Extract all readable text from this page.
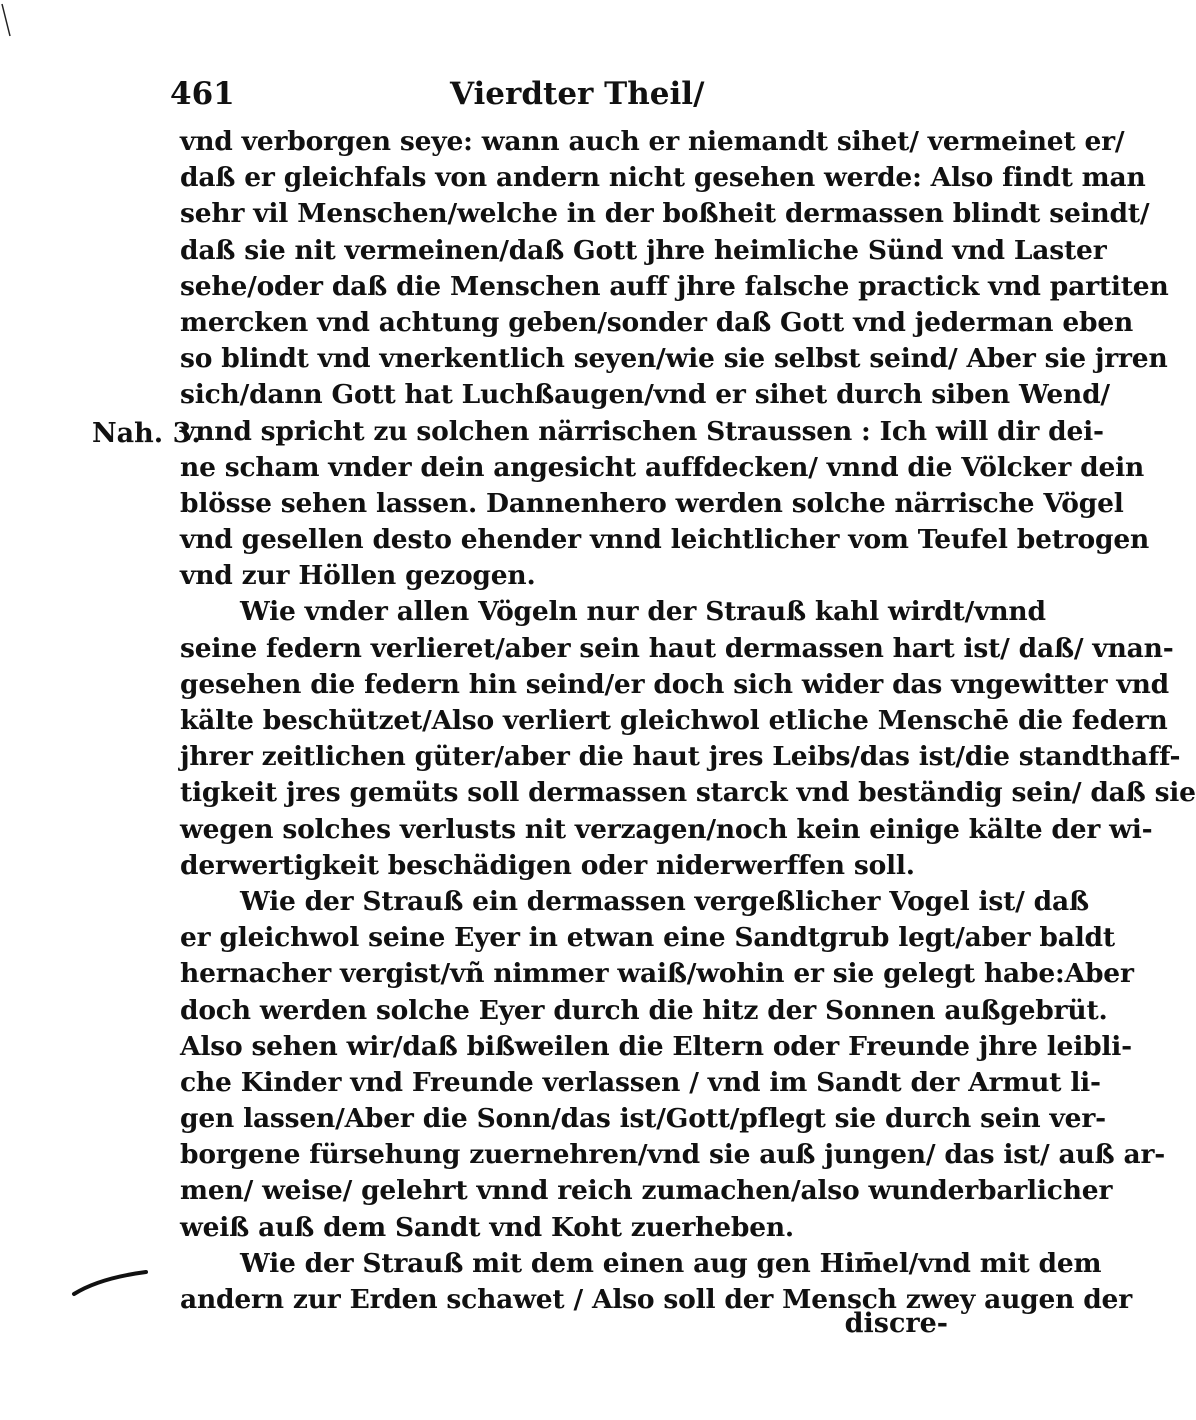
461	Vierdter Theil/
Nah. 3.
vnd verborgen seye: wann auch er niemandt sihet/ vermeinet er/
daß er gleichfals von andern nicht gesehen werde: Also findt man
sehr vil Menschen/welche in der boßheit dermassen blindt seindt/
daß sie nit vermeinen/daß Gott jhre heimliche Sünd vnd Laster
sehe/oder daß die Menschen auff jhre falsche practick vnd partiten
mercken vnd achtung geben/sonder daß Gott vnd jederman eben
so blindt vnd vnerkentlich seyen/wie sie selbst seind/ Aber sie jrren
sich/dann Gott hat Luchßaugen/vnd er sihet durch siben Wend/
vnnd spricht zu solchen närrischen Straussen : Ich will dir dei-
ne scham vnder dein angesicht auffdecken/ vnnd die Völcker dein
blösse sehen lassen. Dannenhero werden solche närrische Vögel
vnd gesellen desto ehender vnnd leichtlicher vom Teufel betrogen
vnd zur Höllen gezogen.
Wie vnder allen Vögeln nur der Strauß kahl wirdt/vnnd
seine federn verlieret/aber sein haut dermassen hart ist/ daß/ vnan-
gesehen die federn hin seind/er doch sich wider das vngewitter vnd
kälte beschützet/Also verliert gleichwol etliche Menschē die federn
jhrer zeitlichen güter/aber die haut jres Leibs/das ist/die standthaff-
tigkeit jres gemüts soll dermassen starck vnd beständig sein/ daß sie
wegen solches verlusts nit verzagen/noch kein einige kälte der wi-
derwertigkeit beschädigen oder niderwerffen soll.
Wie der Strauß ein dermassen vergeßlicher Vogel ist/ daß
er gleichwol seine Eyer in etwan eine Sandtgrub legt/aber baldt
hernacher vergist/vñ nimmer waiß/wohin er sie gelegt habe:Aber
doch werden solche Eyer durch die hitz der Sonnen außgebrüt.
Also sehen wir/daß bißweilen die Eltern oder Freunde jhre leibli-
che Kinder vnd Freunde verlassen / vnd im Sandt der Armut li-
gen lassen/Aber die Sonn/das ist/Gott/pflegt sie durch sein ver-
borgene fürsehung zuernehren/vnd sie auß jungen/ das ist/ auß ar-
men/ weise/ gelehrt vnnd reich zumachen/also wunderbarlicher
weiß auß dem Sandt vnd Koht zuerheben.
Wie der Strauß mit dem einen aug gen Him̄el/vnd mit dem
andern zur Erden schawet / Also soll der Mensch zwey augen der
discre-
